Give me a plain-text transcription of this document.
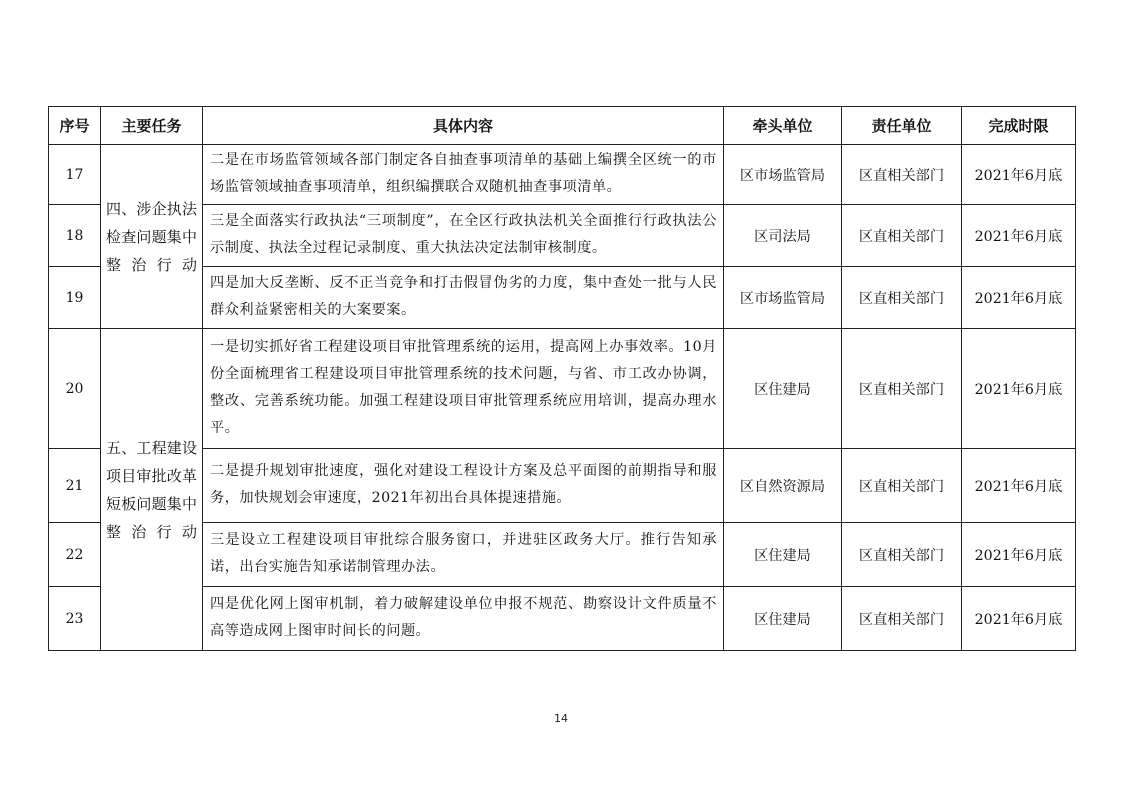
序号	主要任务	具体内容	牵头单位	责任单位	完成时限
17	四、涉企执法检查问题集中整治行动	二是在市场监管领域各部门制定各自抽查事项清单的基础上编撰全区统一的市场监管领域抽查事项清单，组织编撰联合双随机抽查事项清单。	区市场监管局	区直相关部门	2021年6月底
18		三是全面落实行政执法“三项制度”，在全区行政执法机关全面推行行政执法公示制度、执法全过程记录制度、重大执法决定法制审核制度。	区司法局	区直相关部门	2021年6月底
19		四是加大反垄断、反不正当竞争和打击假冒伪劣的力度，集中查处一批与人民群众利益紧密相关的大案要案。	区市场监管局	区直相关部门	2021年6月底
20	五、工程建设项目审批改革短板问题集中整治行动	一是切实抓好省工程建设项目审批管理系统的运用，提高网上办事效率。10月份全面梳理省工程建设项目审批管理系统的技术问题，与省、市工改办协调，整改、完善系统功能。加强工程建设项目审批管理系统应用培训，提高办理水平。	区住建局	区直相关部门	2021年6月底
21		二是提升规划审批速度，强化对建设工程设计方案及总平面图的前期指导和服务，加快规划会审速度，2021年初出台具体提速措施。	区自然资源局	区直相关部门	2021年6月底
22		三是设立工程建设项目审批综合服务窗口，并进驻区政务大厅。推行告知承诺，出台实施告知承诺制管理办法。	区住建局	区直相关部门	2021年6月底
23		四是优化网上图审机制，着力破解建设单位申报不规范、勘察设计文件质量不高等造成网上图审时间长的问题。	区住建局	区直相关部门	2021年6月底
14
